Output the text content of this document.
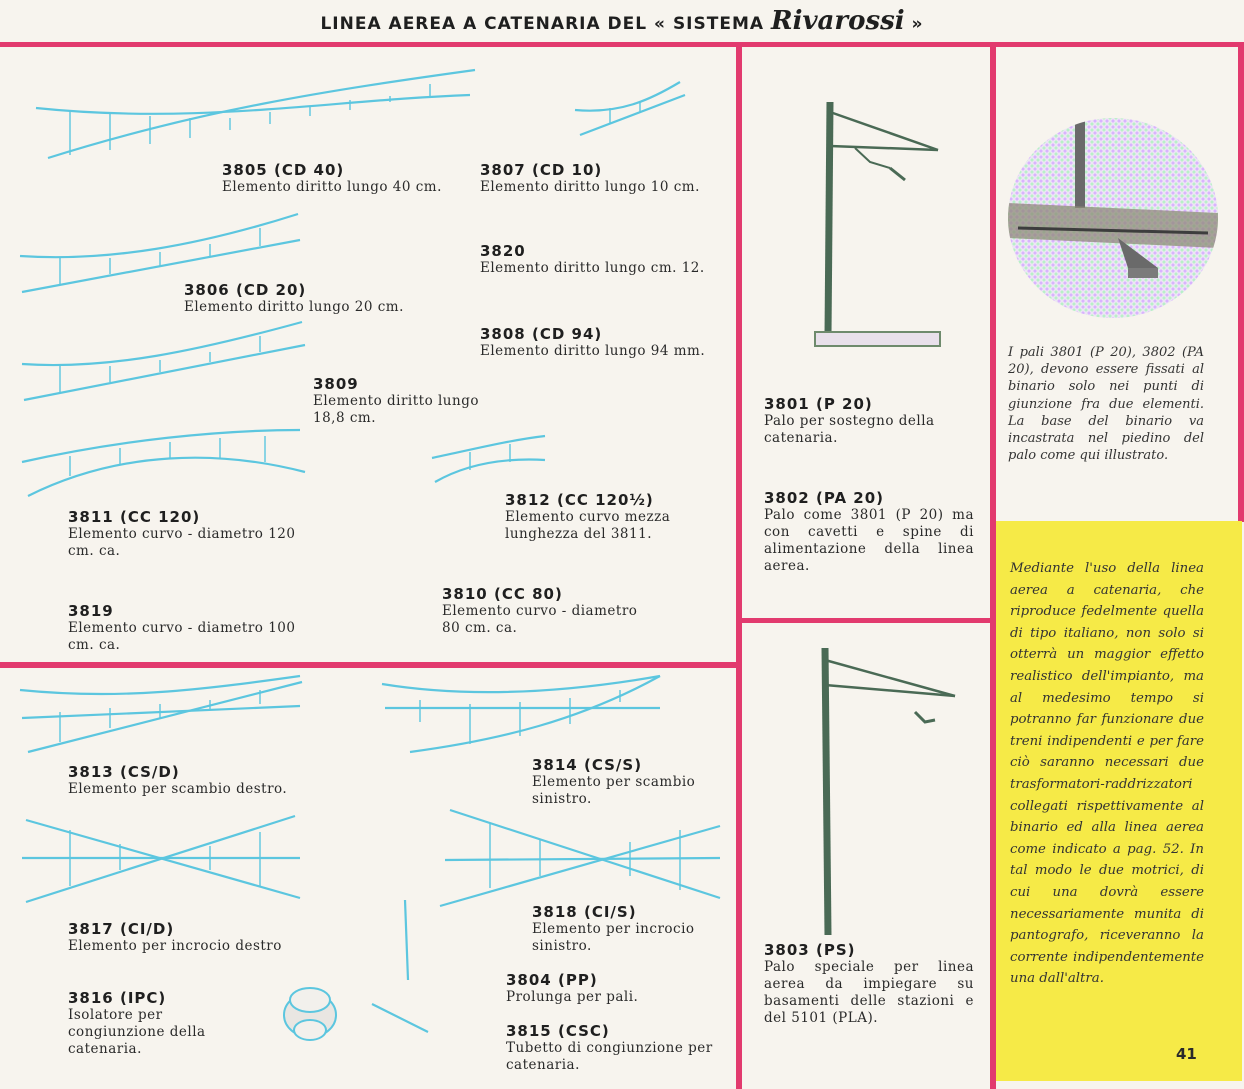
LINEA AEREA A CATENARIA DEL « SISTEMA Rivarossi »
3805 (CD 40)
Elemento diritto lungo 40 cm.
3807 (CD 10)
Elemento diritto lungo 10 cm.
3820
Elemento diritto lungo cm. 12.
3806 (CD 20)
Elemento diritto lungo 20 cm.
3808 (CD 94)
Elemento diritto lungo 94 mm.
3809
Elemento diritto lungo 18,8 cm.
3812 (CC 120½)
Elemento curvo mezza lunghezza del 3811.
3811 (CC 120)
Elemento curvo - diametro 120 cm. ca.
3810 (CC 80)
Elemento curvo - diametro 80 cm. ca.
3819
Elemento curvo - diametro 100 cm. ca.
3813 (CS/D)
Elemento per scambio destro.
3814 (CS/S)
Elemento per scambio sinistro.
3817 (CI/D)
Elemento per incrocio destro
3818 (CI/S)
Elemento per incrocio sinistro.
3804 (PP)
Prolunga per pali.
3816 (IPC)
Isolatore per congiunzione della catenaria.
3815 (CSC)
Tubetto di congiunzione per catenaria.
3801 (P 20)
Palo per sostegno della catenaria.
3802 (PA 20)
Palo come 3801 (P 20) ma con cavetti e spine di alimentazione della linea aerea.
3803 (PS)
Palo speciale per linea aerea da impiegare su basamenti delle stazioni e del 5101 (PLA).
I pali 3801 (P 20), 3802 (PA 20), devono essere fissati al binario solo nei punti di giunzione fra due elementi. La base del binario va incastrata nel piedino del palo come qui illustrato.
Mediante l'uso della linea aerea a catenaria, che riproduce fedelmente quella di tipo italiano, non solo si otterrà un maggior effetto realistico dell'impianto, ma al medesimo tempo si potranno far funzionare due treni indipendenti e per fare ciò saranno necessari due trasformatori-raddrizzatori collegati rispettivamente al binario ed alla linea aerea come indicato a pag. 52. In tal modo le due motrici, di cui una dovrà essere necessariamente munita di pantografo, riceveranno la corrente indipendentemente una dall'altra.
41
